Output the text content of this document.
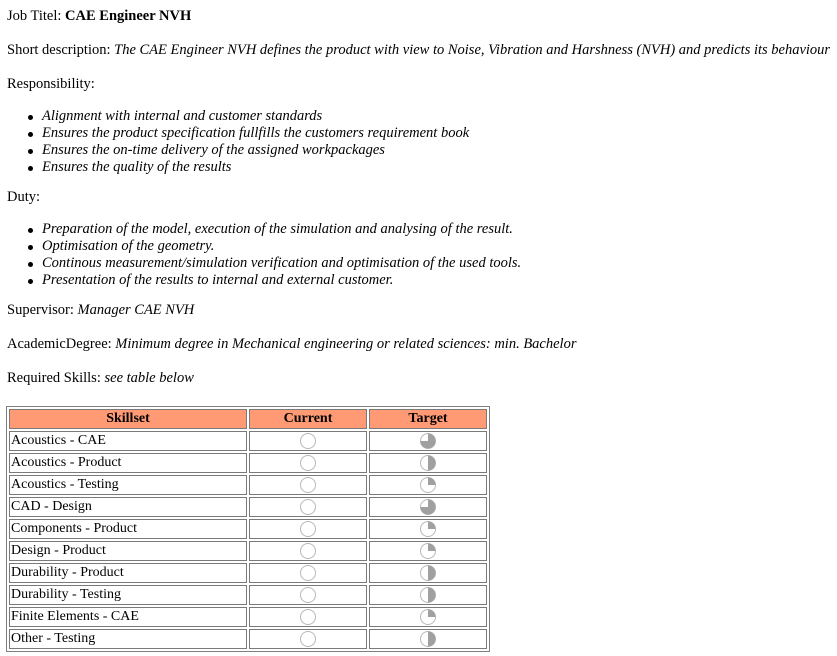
Job Titel: CAE Engineer NVH

Short description: The CAE Engineer NVH defines the product with view to Noise, Vibration and Harshness (NVH) and predicts its behaviour

Responsibility:

Alignment with internal and customer standards
Ensures the product specification fullfills the customers requirement book
Ensures the on-time delivery of the assigned workpackages
Ensures the quality of the results

Duty:

Preparation of the model, execution of the simulation and analysing of the result.
Optimisation of the geometry.
Continous measurement/simulation verification and optimisation of the used tools.
Presentation of the results to internal and external customer.

Supervisor: Manager CAE NVH

AcademicDegree: Minimum degree in Mechanical engineering or related sciences: min. Bachelor

Required Skills: see table below

Skillset	Current	Target
Acoustics - CAE		
Acoustics - Product		
Acoustics - Testing		
CAD - Design		
Components - Product		
Design - Product		
Durability - Product		
Durability - Testing		
Finite Elements - CAE		
Other - Testing		
